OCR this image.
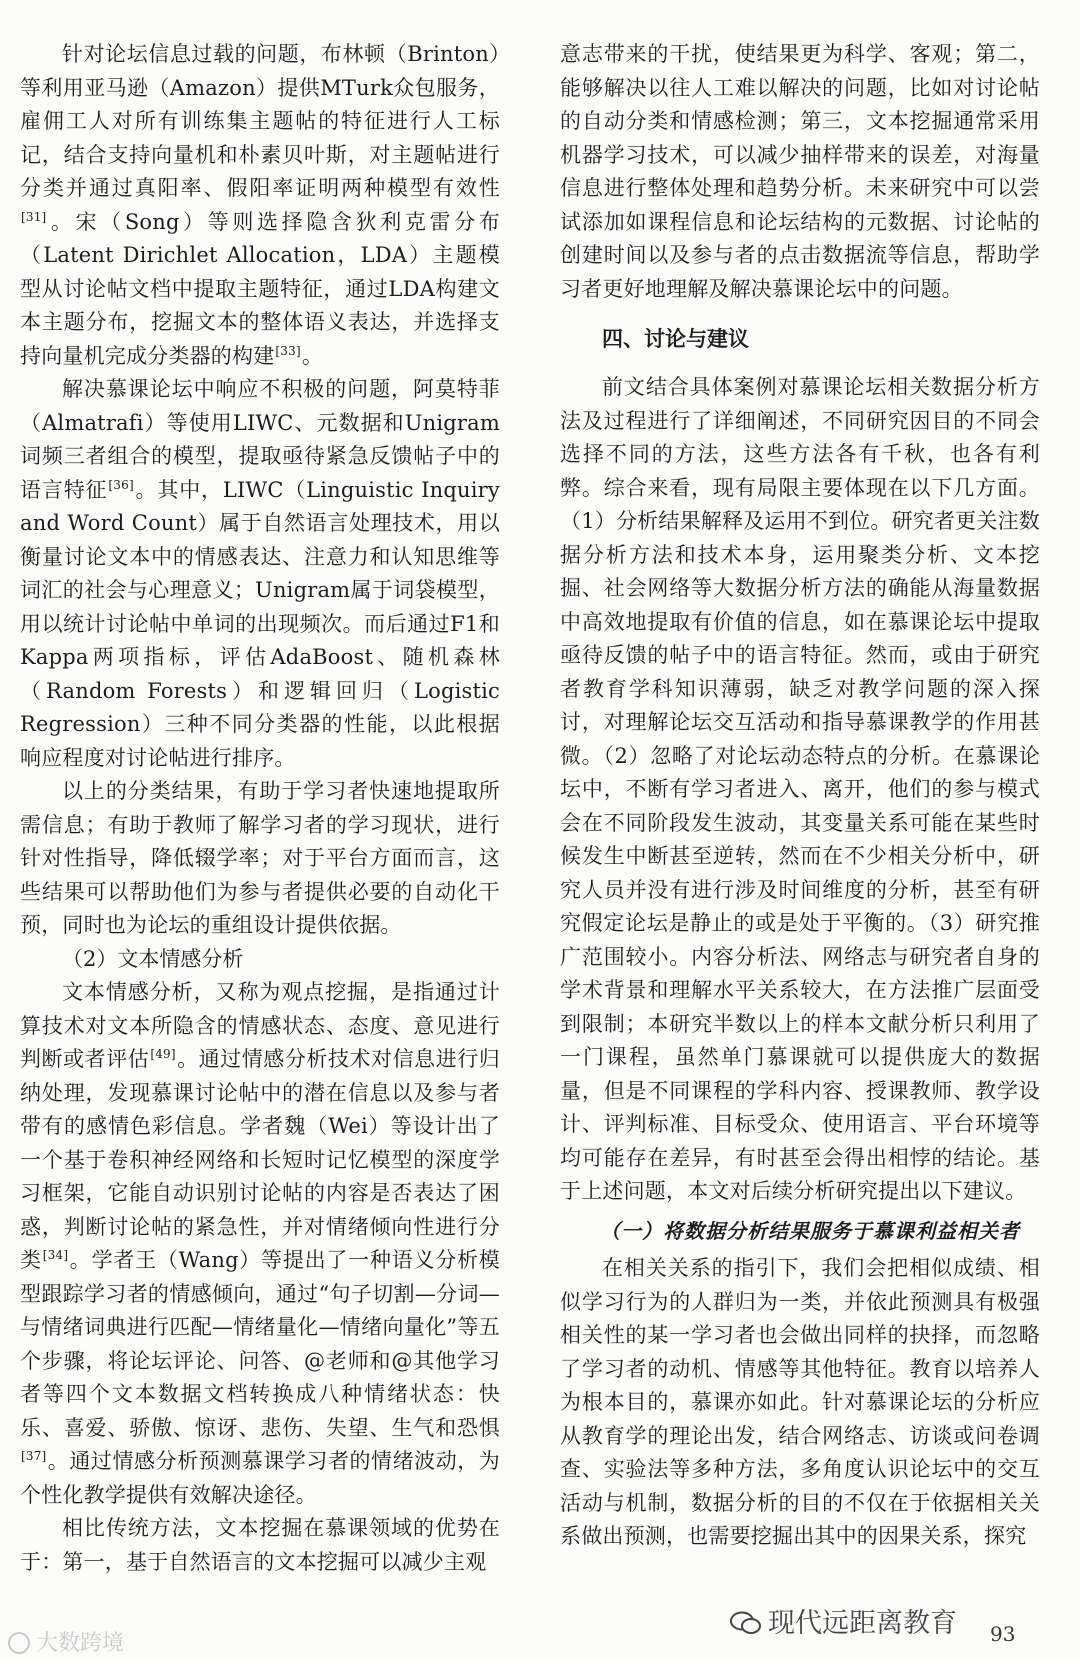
针对论坛信息过载的问题，布林顿（Brinton）等利用亚马逊（Amazon）提供MTurk众包服务，雇佣工人对所有训练集主题帖的特征进行人工标记，结合支持向量机和朴素贝叶斯，对主题帖进行分类并通过真阳率、假阳率证明两种模型有效性[31]。宋（Song）等则选择隐含狄利克雷分布（Latent Dirichlet Allocation，LDA）主题模型从讨论帖文档中提取主题特征，通过LDA构建文本主题分布，挖掘文本的整体语义表达，并选择支持向量机完成分类器的构建[33]。

解决慕课论坛中响应不积极的问题，阿莫特菲（Almatrafi）等使用LIWC、元数据和Unigram词频三者组合的模型，提取亟待紧急反馈帖子中的语言特征[36]。其中，LIWC（Linguistic Inquiry and Word Count）属于自然语言处理技术，用以衡量讨论文本中的情感表达、注意力和认知思维等词汇的社会与心理意义；Unigram属于词袋模型，用以统计讨论帖中单词的出现频次。而后通过F1和Kappa两项指标，评估AdaBoost、随机森林（Random Forests）和逻辑回归（Logistic Regression）三种不同分类器的性能，以此根据响应程度对讨论帖进行排序。

以上的分类结果，有助于学习者快速地提取所需信息；有助于教师了解学习者的学习现状，进行针对性指导，降低辍学率；对于平台方面而言，这些结果可以帮助他们为参与者提供必要的自动化干预，同时也为论坛的重组设计提供依据。

（2）文本情感分析

文本情感分析，又称为观点挖掘，是指通过计算技术对文本所隐含的情感状态、态度、意见进行判断或者评估[49]。通过情感分析技术对信息进行归纳处理，发现慕课讨论帖中的潜在信息以及参与者带有的感情色彩信息。学者魏（Wei）等设计出了一个基于卷积神经网络和长短时记忆模型的深度学习框架，它能自动识别讨论帖的内容是否表达了困惑，判断讨论帖的紧急性，并对情绪倾向性进行分类[34]。学者王（Wang）等提出了一种语义分析模型跟踪学习者的情感倾向，通过“句子切割—分词—与情绪词典进行匹配—情绪量化—情绪向量化”等五个步骤，将论坛评论、问答、@老师和@其他学习者等四个文本数据文档转换成八种情绪状态：快乐、喜爱、骄傲、惊讶、悲伤、失望、生气和恐惧[37]。通过情感分析预测慕课学习者的情绪波动，为个性化教学提供有效解决途径。

相比传统方法，文本挖掘在慕课领域的优势在于：第一，基于自然语言的文本挖掘可以减少主观

意志带来的干扰，使结果更为科学、客观；第二，能够解决以往人工难以解决的问题，比如对讨论帖的自动分类和情感检测；第三，文本挖掘通常采用机器学习技术，可以减少抽样带来的误差，对海量信息进行整体处理和趋势分析。未来研究中可以尝试添加如课程信息和论坛结构的元数据、讨论帖的创建时间以及参与者的点击数据流等信息，帮助学习者更好地理解及解决慕课论坛中的问题。

四、讨论与建议

前文结合具体案例对慕课论坛相关数据分析方法及过程进行了详细阐述，不同研究因目的不同会选择不同的方法，这些方法各有千秋，也各有利弊。综合来看，现有局限主要体现在以下几方面。（1）分析结果解释及运用不到位。研究者更关注数据分析方法和技术本身，运用聚类分析、文本挖掘、社会网络等大数据分析方法的确能从海量数据中高效地提取有价值的信息，如在慕课论坛中提取亟待反馈的帖子中的语言特征。然而，或由于研究者教育学科知识薄弱，缺乏对教学问题的深入探讨，对理解论坛交互活动和指导慕课教学的作用甚微。（2）忽略了对论坛动态特点的分析。在慕课论坛中，不断有学习者进入、离开，他们的参与模式会在不同阶段发生波动，其变量关系可能在某些时候发生中断甚至逆转，然而在不少相关分析中，研究人员并没有进行涉及时间维度的分析，甚至有研究假定论坛是静止的或是处于平衡的。（3）研究推广范围较小。内容分析法、网络志与研究者自身的学术背景和理解水平关系较大，在方法推广层面受到限制；本研究半数以上的样本文献分析只利用了一门课程，虽然单门慕课就可以提供庞大的数据量，但是不同课程的学科内容、授课教师、教学设计、评判标准、目标受众、使用语言、平台环境等均可能存在差异，有时甚至会得出相悖的结论。基于上述问题，本文对后续分析研究提出以下建议。

（一）将数据分析结果服务于慕课利益相关者

在相关关系的指引下，我们会把相似成绩、相似学习行为的人群归为一类，并依此预测具有极强相关性的某一学习者也会做出同样的抉择，而忽略了学习者的动机、情感等其他特征。教育以培养人为根本目的，慕课亦如此。针对慕课论坛的分析应从教育学的理论出发，结合网络志、访谈或问卷调查、实验法等多种方法，多角度认识论坛中的交互活动与机制，数据分析的目的不仅在于依据相关关系做出预测，也需要挖掘出其中的因果关系，探究

93
大数跨境
现代远距离教育
